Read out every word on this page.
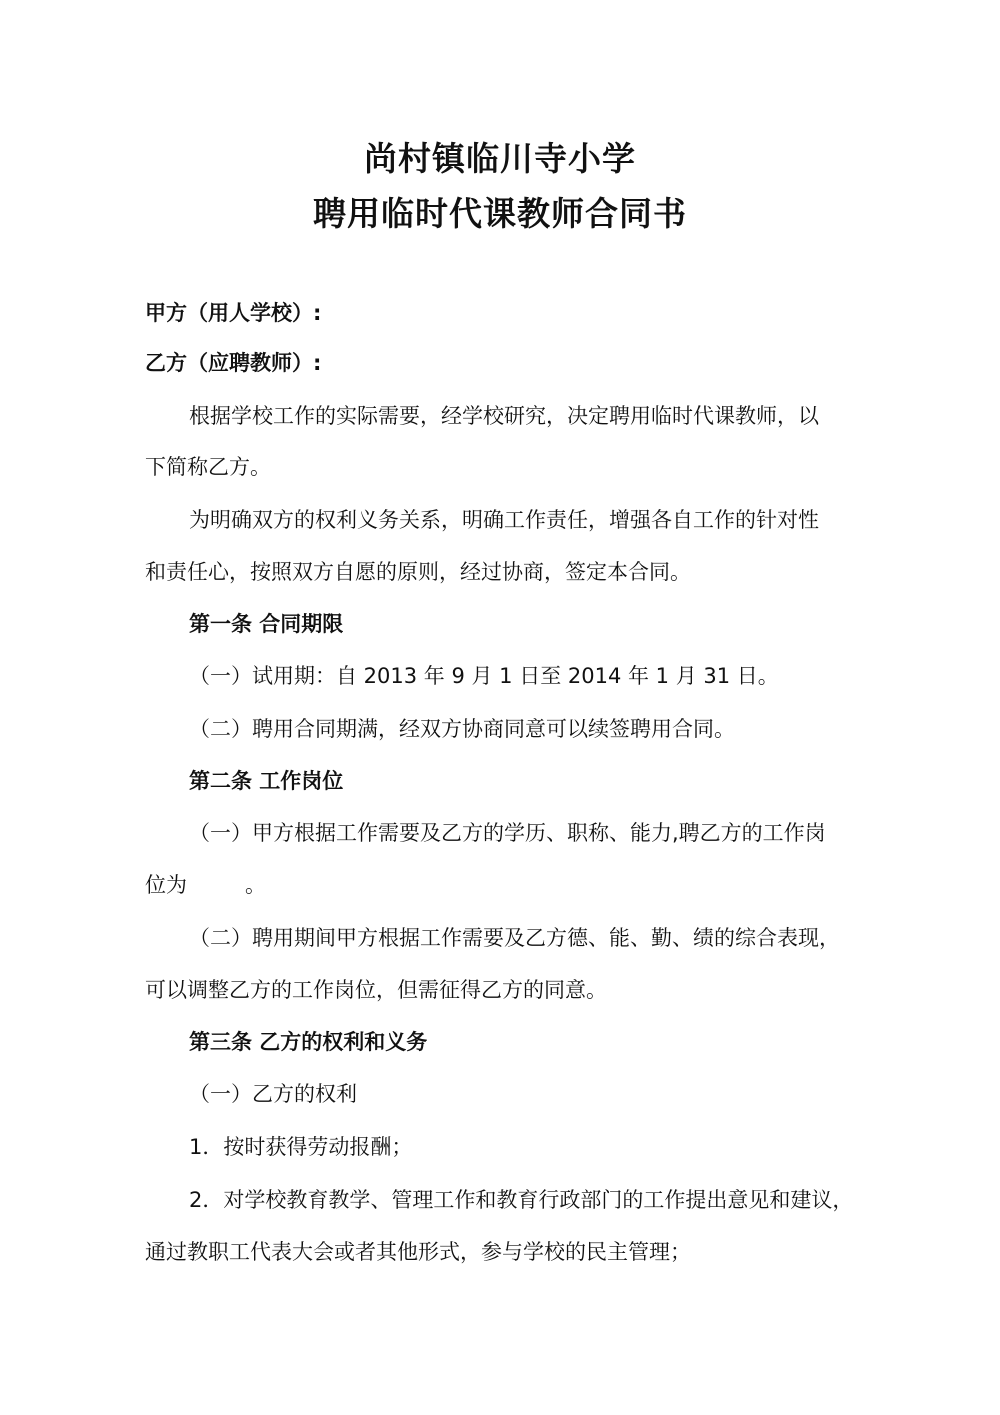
尚村镇临川寺小学
聘用临时代课教师合同书

甲方（用人学校）:

乙方（应聘教师）:

根据学校工作的实际需要，经学校研究，决定聘用临时代课教师，以

下简称乙方。

为明确双方的权利义务关系，明确工作责任，增强各自工作的针对性

和责任心，按照双方自愿的原则，经过协商，签定本合同。

第一条 合同期限

（一）试用期：自 2013 年 9 月 1 日至 2014 年 1 月 31 日。

（二）聘用合同期满，经双方协商同意可以续签聘用合同。

第二条 工作岗位

（一）甲方根据工作需要及乙方的学历、职称、能力,聘乙方的工作岗

位为	。

（二）聘用期间甲方根据工作需要及乙方德、能、勤、绩的综合表现，

可以调整乙方的工作岗位，但需征得乙方的同意。

第三条 乙方的权利和义务

（一）乙方的权利

1．按时获得劳动报酬；

2．对学校教育教学、管理工作和教育行政部门的工作提出意见和建议，

通过教职工代表大会或者其他形式，参与学校的民主管理；
